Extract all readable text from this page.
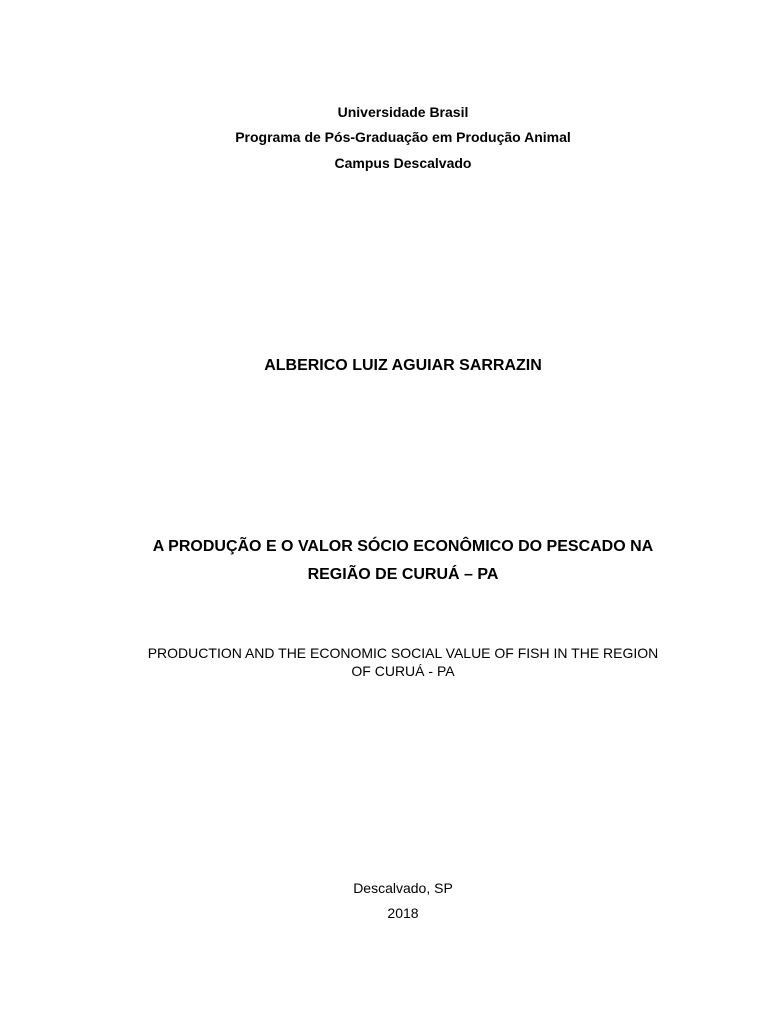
Universidade Brasil
Programa de Pós-Graduação em Produção Animal
Campus Descalvado
ALBERICO LUIZ AGUIAR SARRAZIN
A PRODUÇÃO E O VALOR SÓCIO ECONÔMICO DO PESCADO NA
REGIÃO DE CURUÁ – PA
PRODUCTION AND THE ECONOMIC SOCIAL VALUE OF FISH IN THE REGION
OF CURUÁ - PA
Descalvado, SP
2018
